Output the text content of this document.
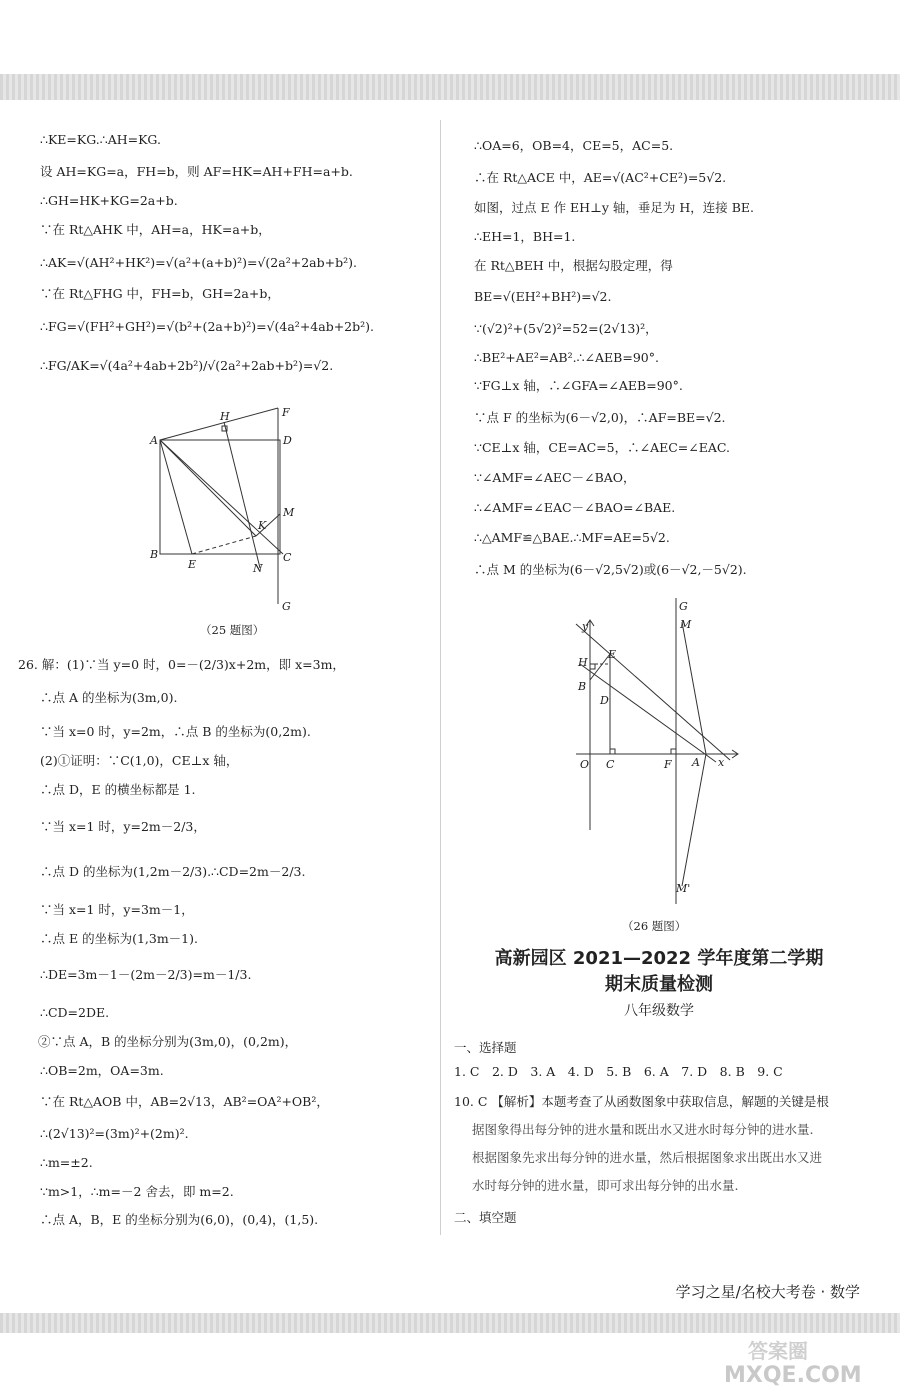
∴KE=KG.∴AH=KG.
设 AH=KG=a，FH=b，则 AF=HK=AH+FH=a+b.
∴GH=HK+KG=2a+b.
∵在 Rt△AHK 中，AH=a，HK=a+b，
∴AK=√(AH²+HK²)=√(a²+(a+b)²)=√(2a²+2ab+b²).
∵在 Rt△FHG 中，FH=b，GH=2a+b，
∴FG=√(FH²+GH²)=√(b²+(2a+b)²)=√(4a²+4ab+2b²).
∴FG/AK=√(4a²+4ab+2b²)/√(2a²+2ab+b²)=√2.
H	F
A	D
K
M
B
E	N
C
G
（25 题图）
26. 解：(1)∵当 y=0 时，0=－(2/3)x+2m，即 x=3m，
∴点 A 的坐标为(3m,0).
∵当 x=0 时，y=2m，∴点 B 的坐标为(0,2m).
(2)①证明：∵C(1,0)，CE⊥x 轴，
∴点 D，E 的横坐标都是 1.
∵当 x=1 时，y=2m－2/3，
∴点 D 的坐标为(1,2m－2/3).∴CD=2m－2/3.
∵当 x=1 时，y=3m－1，
∴点 E 的坐标为(1,3m－1).
∴DE=3m－1－(2m－2/3)=m－1/3.
∴CD=2DE.
②∵点 A，B 的坐标分别为(3m,0)，(0,2m)，
∴OB=2m，OA=3m.
∵在 Rt△AOB 中，AB=2√13，AB²=OA²+OB²，
∴(2√13)²=(3m)²+(2m)².
∴m=±2.
∵m>1，∴m=－2 舍去，即 m=2.
∴点 A，B，E 的坐标分别为(6,0)，(0,4)，(1,5).
∴OA=6，OB=4，CE=5，AC=5.
∴在 Rt△ACE 中，AE=√(AC²+CE²)=5√2.
如图，过点 E 作 EH⊥y 轴，垂足为 H，连接 BE.
∴EH=1，BH=1.
在 Rt△BEH 中，根据勾股定理，得
BE=√(EH²+BH²)=√2.
∵(√2)²+(5√2)²=52=(2√13)²，
∴BE²+AE²=AB².∴∠AEB=90°.
∵FG⊥x 轴，∴∠GFA=∠AEB=90°.
∵点 F 的坐标为(6－√2,0)，∴AF=BE=√2.
∵CE⊥x 轴，CE=AC=5，∴∠AEC=∠EAC.
∵∠AMF=∠AEC－∠BAO，
∴∠AMF=∠EAC－∠BAO=∠BAE.
∴△AMF≌△BAE.∴MF=AE=5√2.
∴点 M 的坐标为(6－√2,5√2)或(6－√2,－5√2).
G
y	M
E
H
B
D
O C	F A x
M'
（26 题图）
高新园区 2021—2022 学年度第二学期
期末质量检测
八年级数学
一、选择题
1. C　2. D　3. A　4. D　5. B　6. A　7. D　8. B　9. C
10. C 【解析】本题考查了从函数图象中获取信息，解题的关键是根
据图象得出每分钟的进水量和既出水又进水时每分钟的进水量.
根据图象先求出每分钟的进水量，然后根据图象求出既出水又进
水时每分钟的进水量，即可求出每分钟的出水量.
二、填空题
学习之星/名校大考卷 · 数学
答案圈
MXQE.COM
